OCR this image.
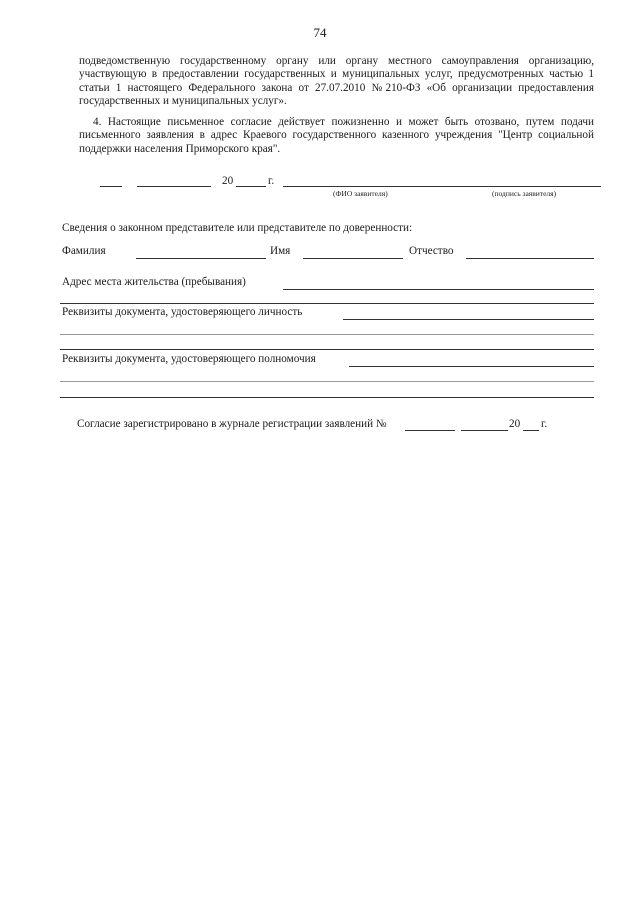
74
подведомственную государственному органу или органу местного самоуправления организацию, участвующую в предоставлении государственных и муниципальных услуг, предусмотренных частью 1 статьи 1 настоящего Федерального закона от 27.07.2010 №210-ФЗ «Об организации предоставления государственных и муниципальных услуг».
4. Настоящие письменное согласие действует пожизненно и может быть отозвано, путем подачи письменного заявления в адрес Краевого государственного казенного учреждения "Центр социальной поддержки населения Приморского края".
20	г.
(ФИО заявителя)	(подпись заявителя)
Сведения о законном представителе или представителе по доверенности:
Фамилия	Имя	Отчество
Адрес места жительства (пребывания)
Реквизиты документа, удостоверяющего личность
Реквизиты документа, удостоверяющего полномочия
Согласие зарегистрировано в журнале регистрации заявлений №	20 г.
